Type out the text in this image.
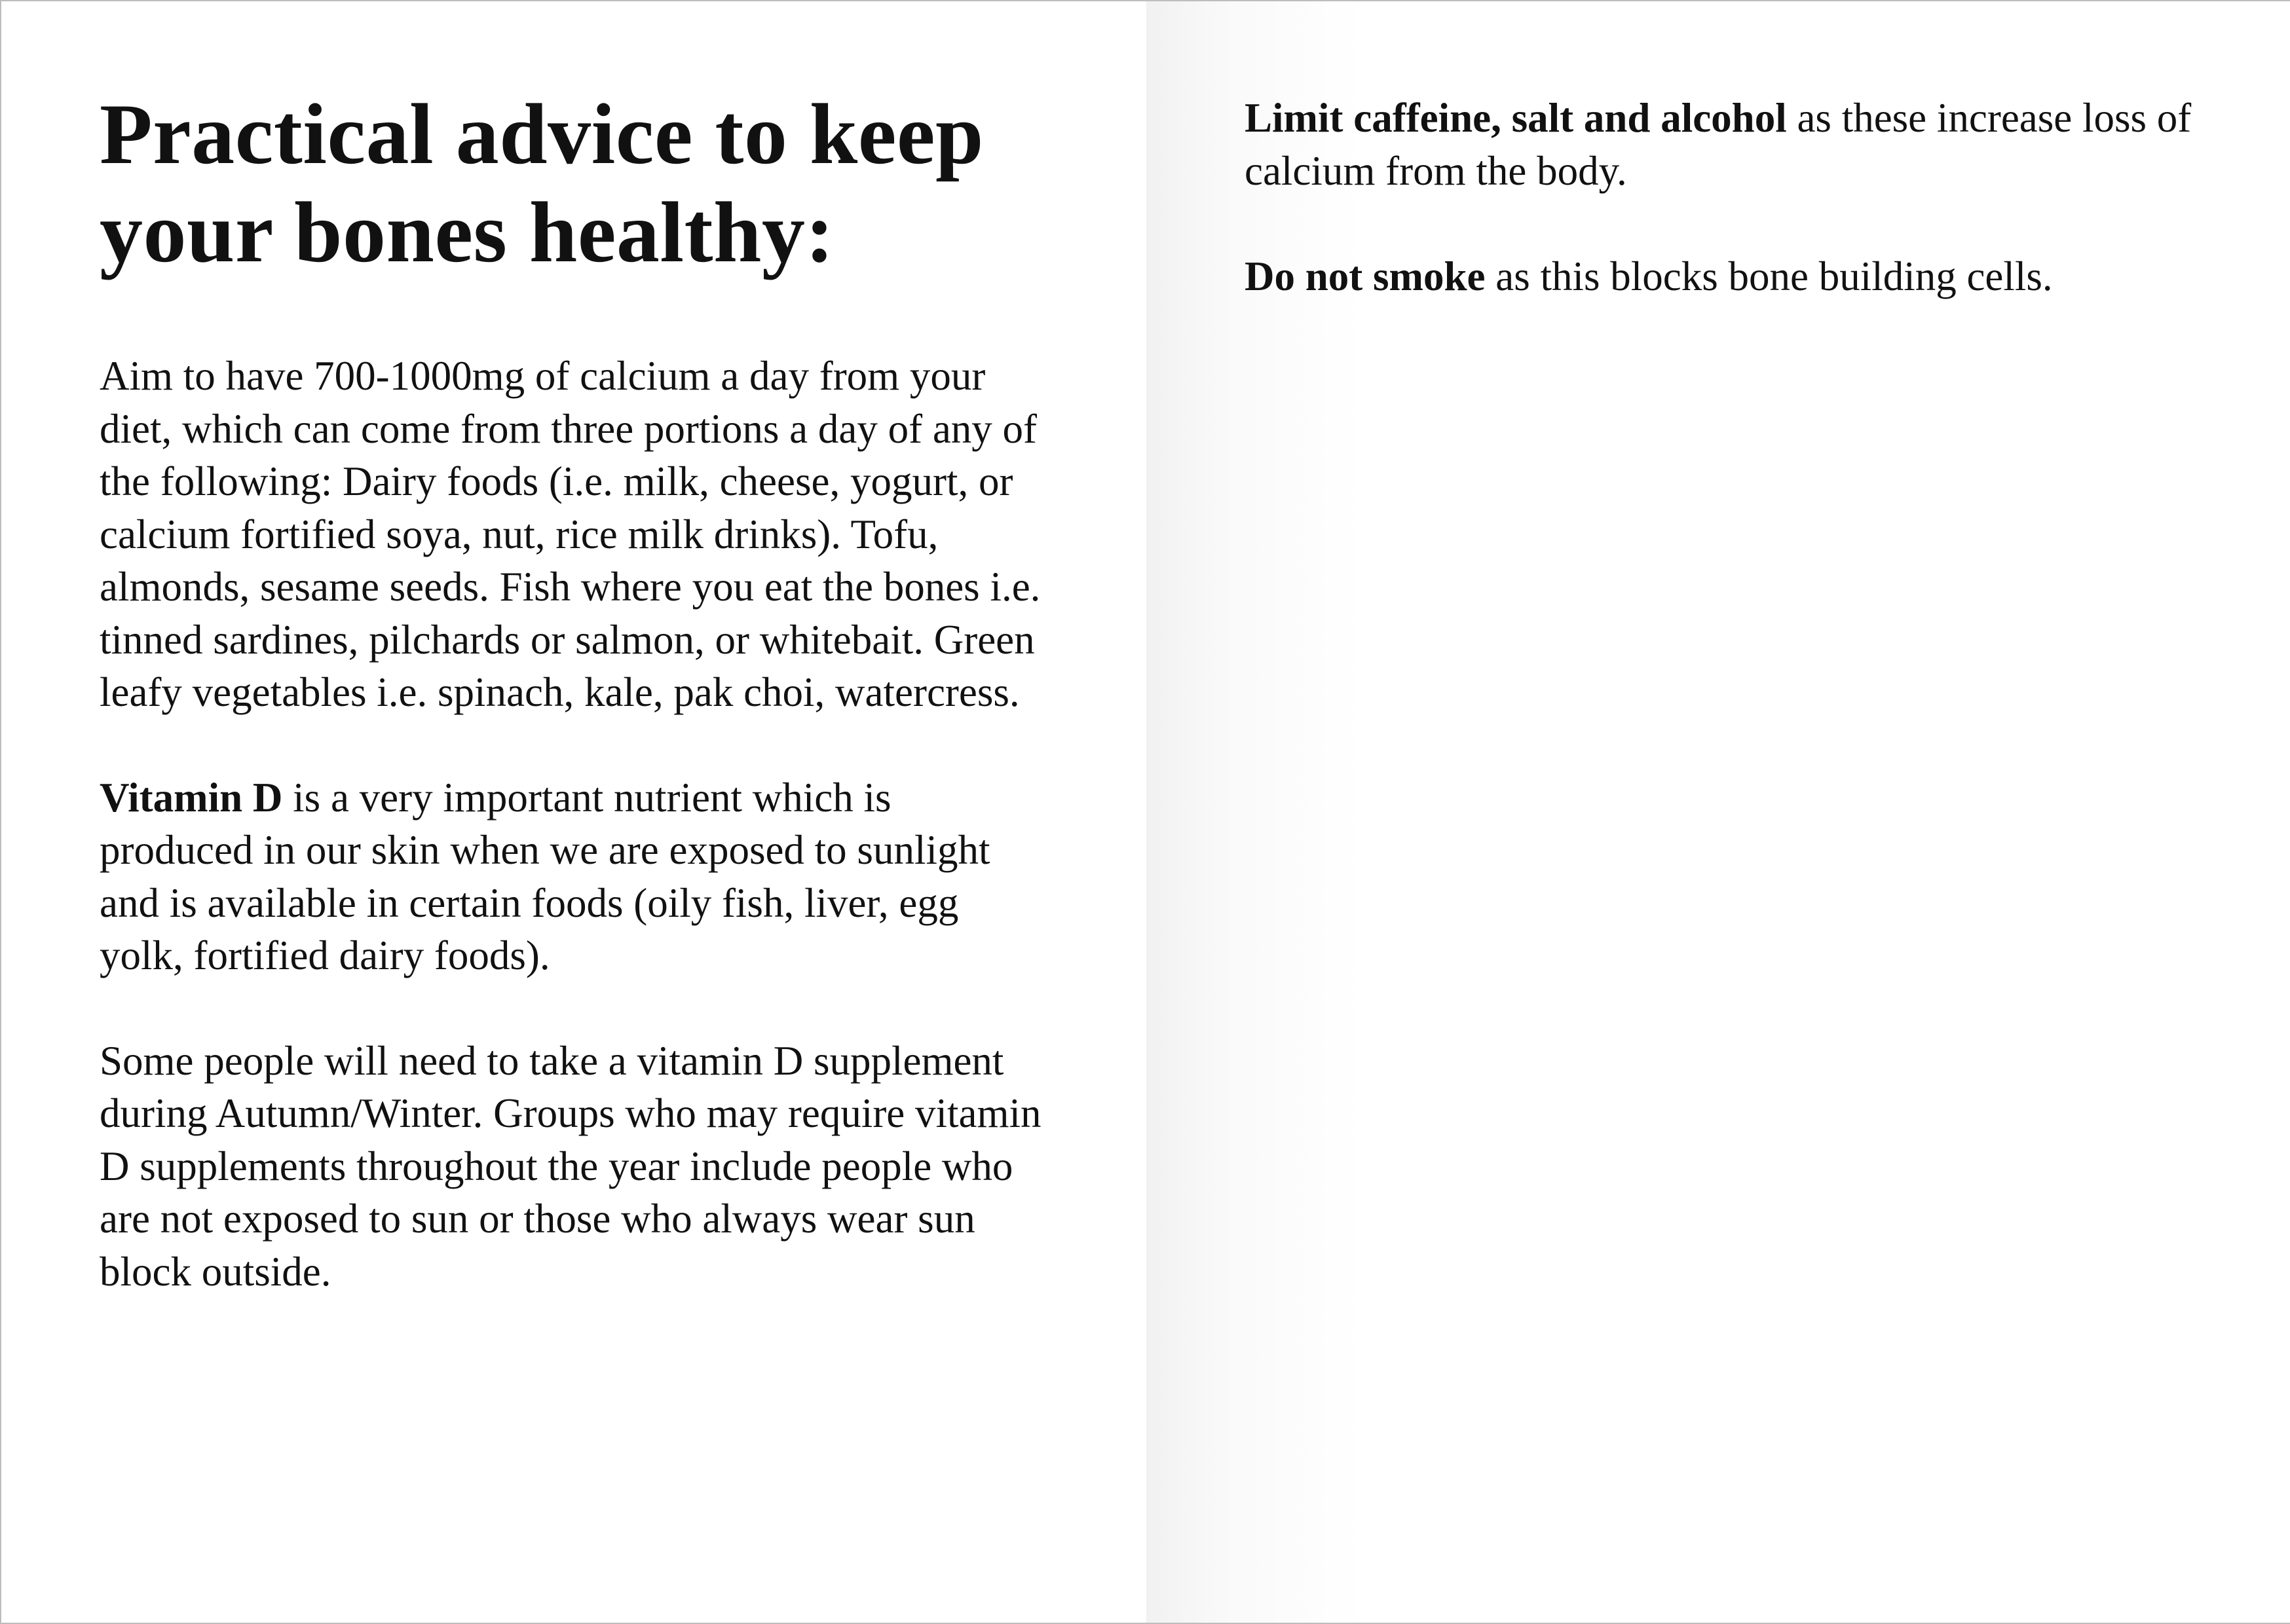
Practical advice to keep your bones healthy:

Aim to have 700-1000mg of calcium a day from your diet, which can come from three portions a day of any of the following: Dairy foods (i.e. milk, cheese, yogurt, or calcium fortified soya, nut, rice milk drinks). Tofu, almonds, sesame seeds. Fish where you eat the bones i.e. tinned sardines, pilchards or salmon, or whitebait. Green leafy vegetables i.e. spinach, kale, pak choi, watercress.

Vitamin D is a very important nutrient which is produced in our skin when we are exposed to sunlight and is available in certain foods (oily fish, liver, egg yolk, fortified dairy foods).

Some people will need to take a vitamin D supplement during Autumn/Winter. Groups who may require vitamin D supplements throughout the year include people who are not exposed to sun or those who always wear sun block outside.

Limit caffeine, salt and alcohol as these increase loss of calcium from the body.

Do not smoke as this blocks bone building cells.
